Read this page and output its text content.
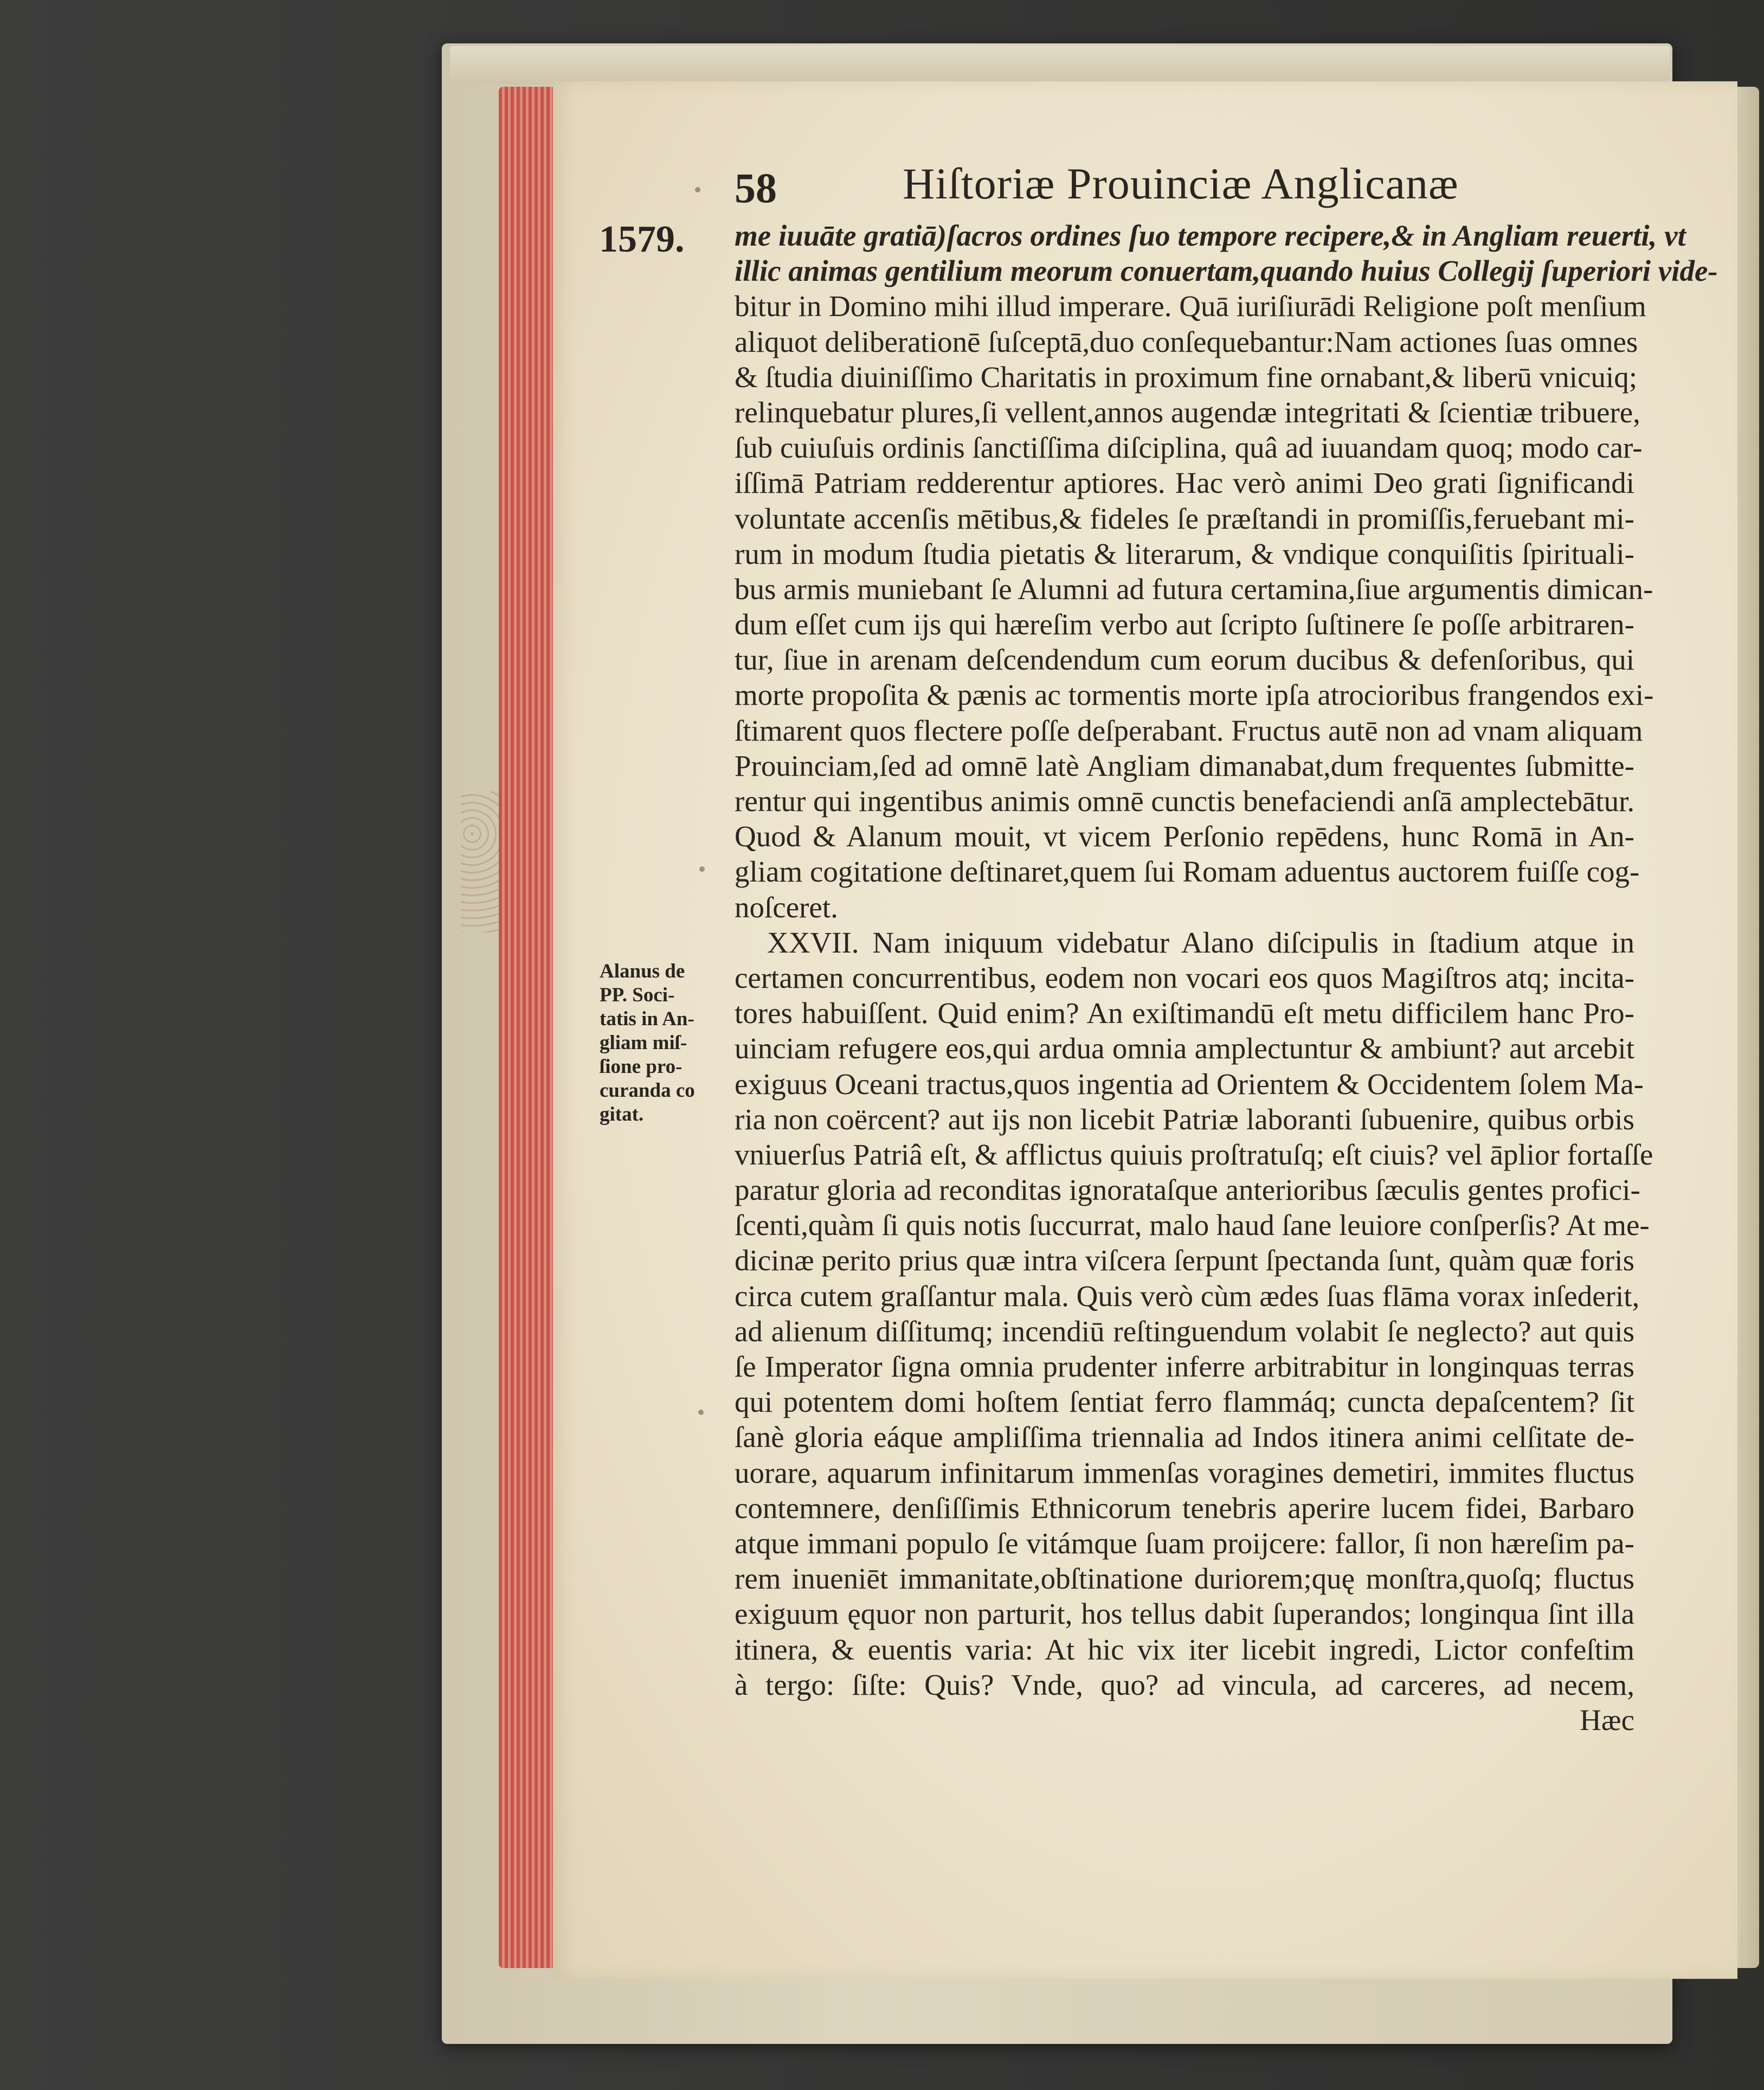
58	Hiſtoriæ Prouinciæ Anglicanæ
1579.
Alanus de
PP. Soci-
tatis in An-
gliam miſ-
ſione pro-
curanda co
gitat.
me iuuāte gratiā)ſacros ordines ſuo tempore recipere,& in Angliam reuerti, vt
illic animas gentilium meorum conuertam,quando huius Collegij ſuperiori vide-
bitur in Domino mihi illud imperare. Quā iuriſiurādi Religione poſt menſium
aliquot deliberationē ſuſceptā,duo conſequebantur:Nam actiones ſuas omnes
& ſtudia diuiniſſimo Charitatis in proximum fine ornabant,& liberū vnicuiq;
relinquebatur plures,ſi vellent,annos augendæ integritati & ſcientiæ tribuere,
ſub cuiuſuis ordinis ſanctiſſima diſciplina, quâ ad iuuandam quoq; modo car-
iſſimā Patriam redderentur aptiores. Hac verò animi Deo grati ſignificandi
voluntate accenſis mētibus,& fideles ſe præſtandi in promiſſis,feruebant mi-
rum in modum ſtudia pietatis & literarum, & vndique conquiſitis ſpirituali-
bus armis muniebant ſe Alumni ad futura certamina,ſiue argumentis dimican-
dum eſſet cum ijs qui hæreſim verbo aut ſcripto ſuſtinere ſe poſſe arbitraren-
tur, ſiue in arenam deſcendendum cum eorum ducibus & defenſoribus, qui
morte propoſita & pænis ac tormentis morte ipſa atrocioribus frangendos exi-
ſtimarent quos flectere poſſe deſperabant. Fructus autē non ad vnam aliquam
Prouinciam,ſed ad omnē latè Angliam dimanabat,dum frequentes ſubmitte-
rentur qui ingentibus animis omnē cunctis benefaciendi anſā amplectebātur.
Quod & Alanum mouit, vt vicem Perſonio repēdens, hunc Romā in An-
gliam cogitatione deſtinaret,quem ſui Romam aduentus auctorem fuiſſe cog-
noſceret.
XXVII. Nam iniquum videbatur Alano diſcipulis in ſtadium atque in
certamen concurrentibus, eodem non vocari eos quos Magiſtros atq; incita-
tores habuiſſent. Quid enim? An exiſtimandū eſt metu difficilem hanc Pro-
uinciam refugere eos,qui ardua omnia amplectuntur & ambiunt? aut arcebit
exiguus Oceani tractus,quos ingentia ad Orientem & Occidentem ſolem Ma-
ria non coërcent? aut ijs non licebit Patriæ laboranti ſubuenire, quibus orbis
vniuerſus Patriâ eſt, & afflictus quiuis proſtratuſq; eſt ciuis? vel āplior fortaſſe
paratur gloria ad reconditas ignorataſque anterioribus ſæculis gentes profici-
ſcenti,quàm ſi quis notis ſuccurrat, malo haud ſane leuiore conſperſis? At me-
dicinæ perito prius quæ intra viſcera ſerpunt ſpectanda ſunt, quàm quæ foris
circa cutem graſſantur mala. Quis verò cùm ædes ſuas flāma vorax inſederit,
ad alienum diſſitumq; incendiū reſtinguendum volabit ſe neglecto? aut quis
ſe Imperator ſigna omnia prudenter inferre arbitrabitur in longinquas terras
qui potentem domi hoſtem ſentiat ferro flammáq; cuncta depaſcentem? ſit
ſanè gloria eáque ampliſſima triennalia ad Indos itinera animi celſitate de-
uorare, aquarum infinitarum immenſas voragines demetiri, immites fluctus
contemnere, denſiſſimis Ethnicorum tenebris aperire lucem fidei, Barbaro
atque immani populo ſe vitámque ſuam proijcere: fallor, ſi non hæreſim pa-
rem inueniēt immanitate,obſtinatione duriorem;quę monſtra,quoſq; fluctus
exiguum ęquor non parturit, hos tellus dabit ſuperandos; longinqua ſint illa
itinera, & euentis varia: At hic vix iter licebit ingredi, Lictor confeſtim
à tergo: ſiſte: Quis? Vnde, quo? ad vincula, ad carceres, ad necem,
Hæc
